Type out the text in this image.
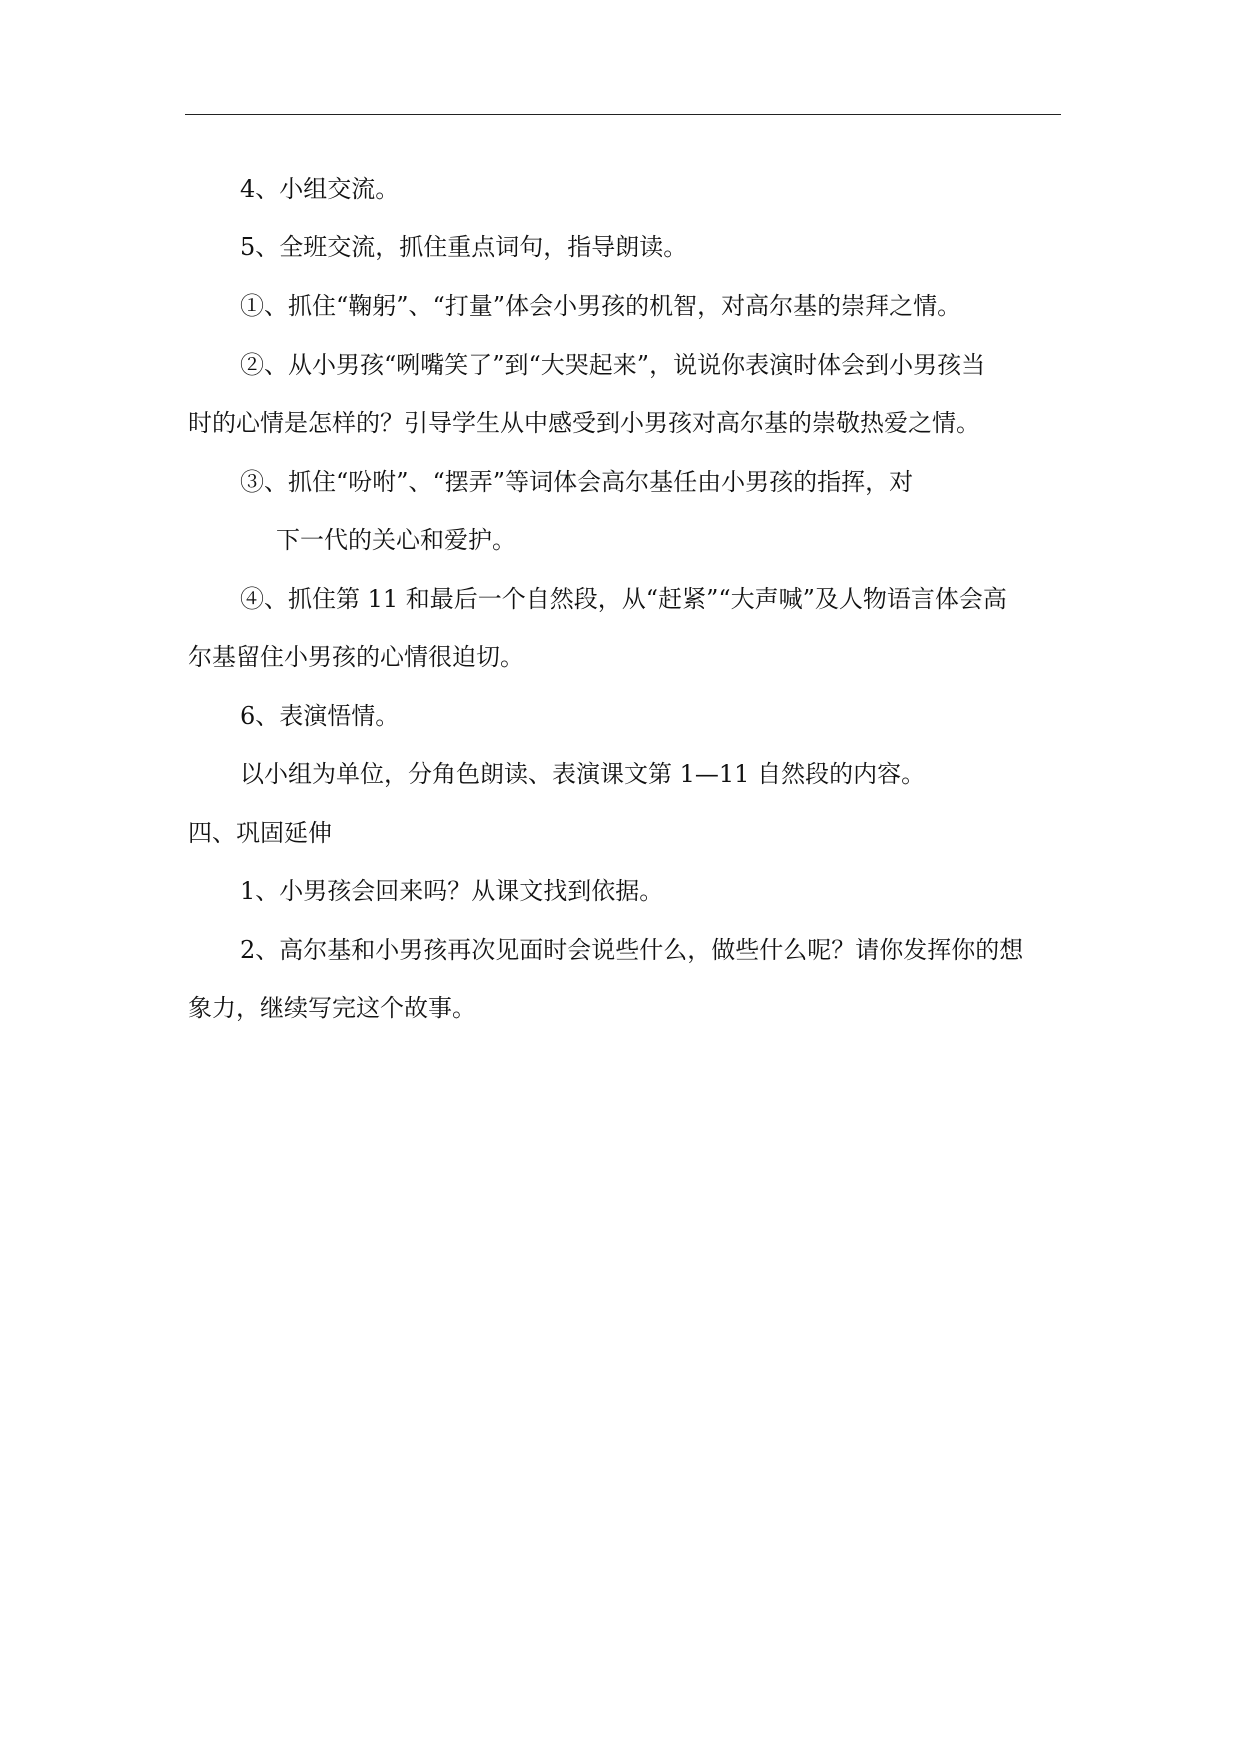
4、小组交流。
5、全班交流，抓住重点词句，指导朗读。
①、抓住“鞠躬”、“打量”体会小男孩的机智，对高尔基的崇拜之情。
②、从小男孩“咧嘴笑了”到“大哭起来”，说说你表演时体会到小男孩当
时的心情是怎样的？引导学生从中感受到小男孩对高尔基的崇敬热爱之情。
③、抓住“吩咐”、“摆弄”等词体会高尔基任由小男孩的指挥，对
下一代的关心和爱护。
④、抓住第 11 和最后一个自然段，从“赶紧”“大声喊”及人物语言体会高
尔基留住小男孩的心情很迫切。
6、表演悟情。
以小组为单位，分角色朗读、表演课文第 1—11 自然段的内容。
四、巩固延伸
1、小男孩会回来吗？从课文找到依据。
2、高尔基和小男孩再次见面时会说些什么，做些什么呢？请你发挥你的想
象力，继续写完这个故事。
